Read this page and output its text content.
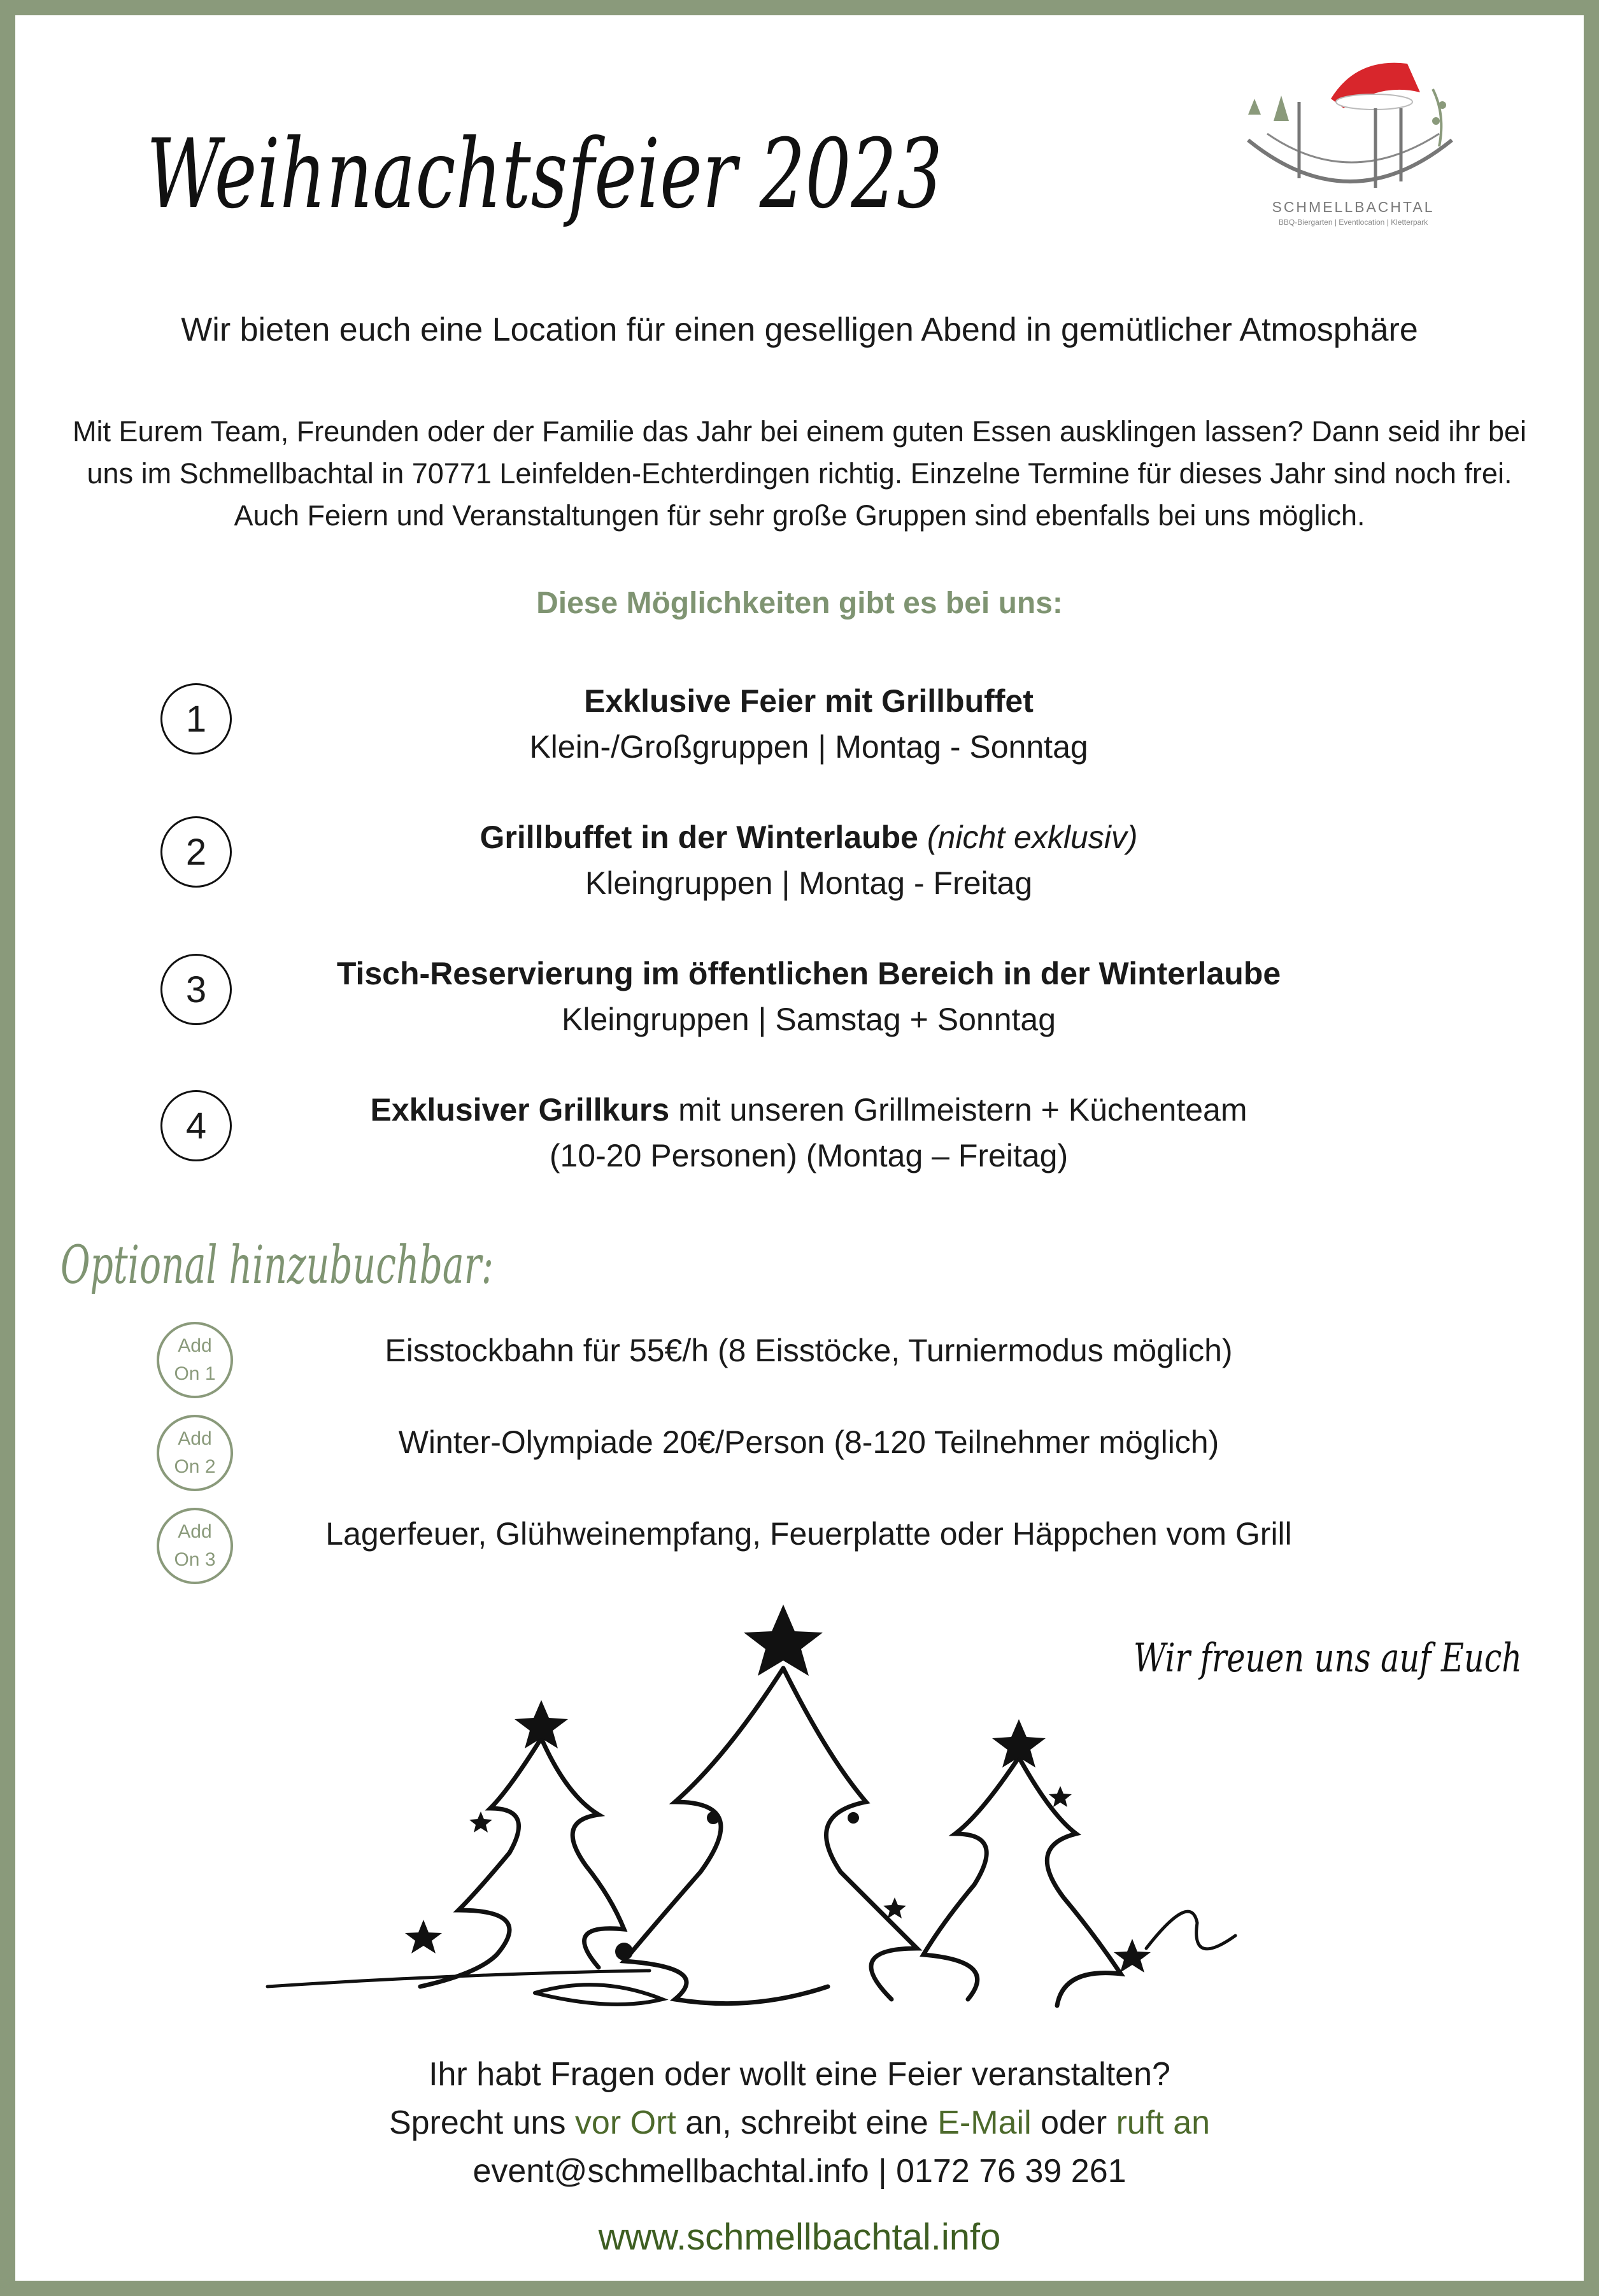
Weihnachtsfeier 2023	SCHMELLBACHTAL
BBQ-Biergarten | Eventlocation | Kletterpark
Wir bieten euch eine Location für einen geselligen Abend in gemütlicher Atmosphäre
Mit Eurem Team, Freunden oder der Familie das Jahr bei einem guten Essen ausklingen lassen? Dann seid ihr bei uns im Schmellbachtal in 70771 Leinfelden-Echterdingen richtig. Einzelne Termine für dieses Jahr sind noch frei. Auch Feiern und Veranstaltungen für sehr große Gruppen sind ebenfalls bei uns möglich.
Diese Möglichkeiten gibt es bei uns:
1	Exklusive Feier mit Grillbuffet
Klein-/Großgruppen | Montag - Sonntag
2	Grillbuffet in der Winterlaube (nicht exklusiv)
Kleingruppen | Montag - Freitag
3	Tisch-Reservierung im öffentlichen Bereich in der Winterlaube
Kleingruppen | Samstag + Sonntag
4	Exklusiver Grillkurs mit unseren Grillmeistern + Küchenteam
(10-20 Personen) (Montag – Freitag)
Optional hinzubuchbar:
Add
On 1
Eisstockbahn für 55€/h (8 Eisstöcke, Turniermodus möglich)
Add
On 2
Winter-Olympiade 20€/Person (8-120 Teilnehmer möglich)
Add
On 3
Lagerfeuer, Glühweinempfang, Feuerplatte oder Häppchen vom Grill
Wir freuen uns auf Euch
Ihr habt Fragen oder wollt eine Feier veranstalten?
Sprecht uns vor Ort an, schreibt eine E-Mail oder ruft an
event@schmellbachtal.info | 0172 76 39 261
www.schmellbachtal.info
